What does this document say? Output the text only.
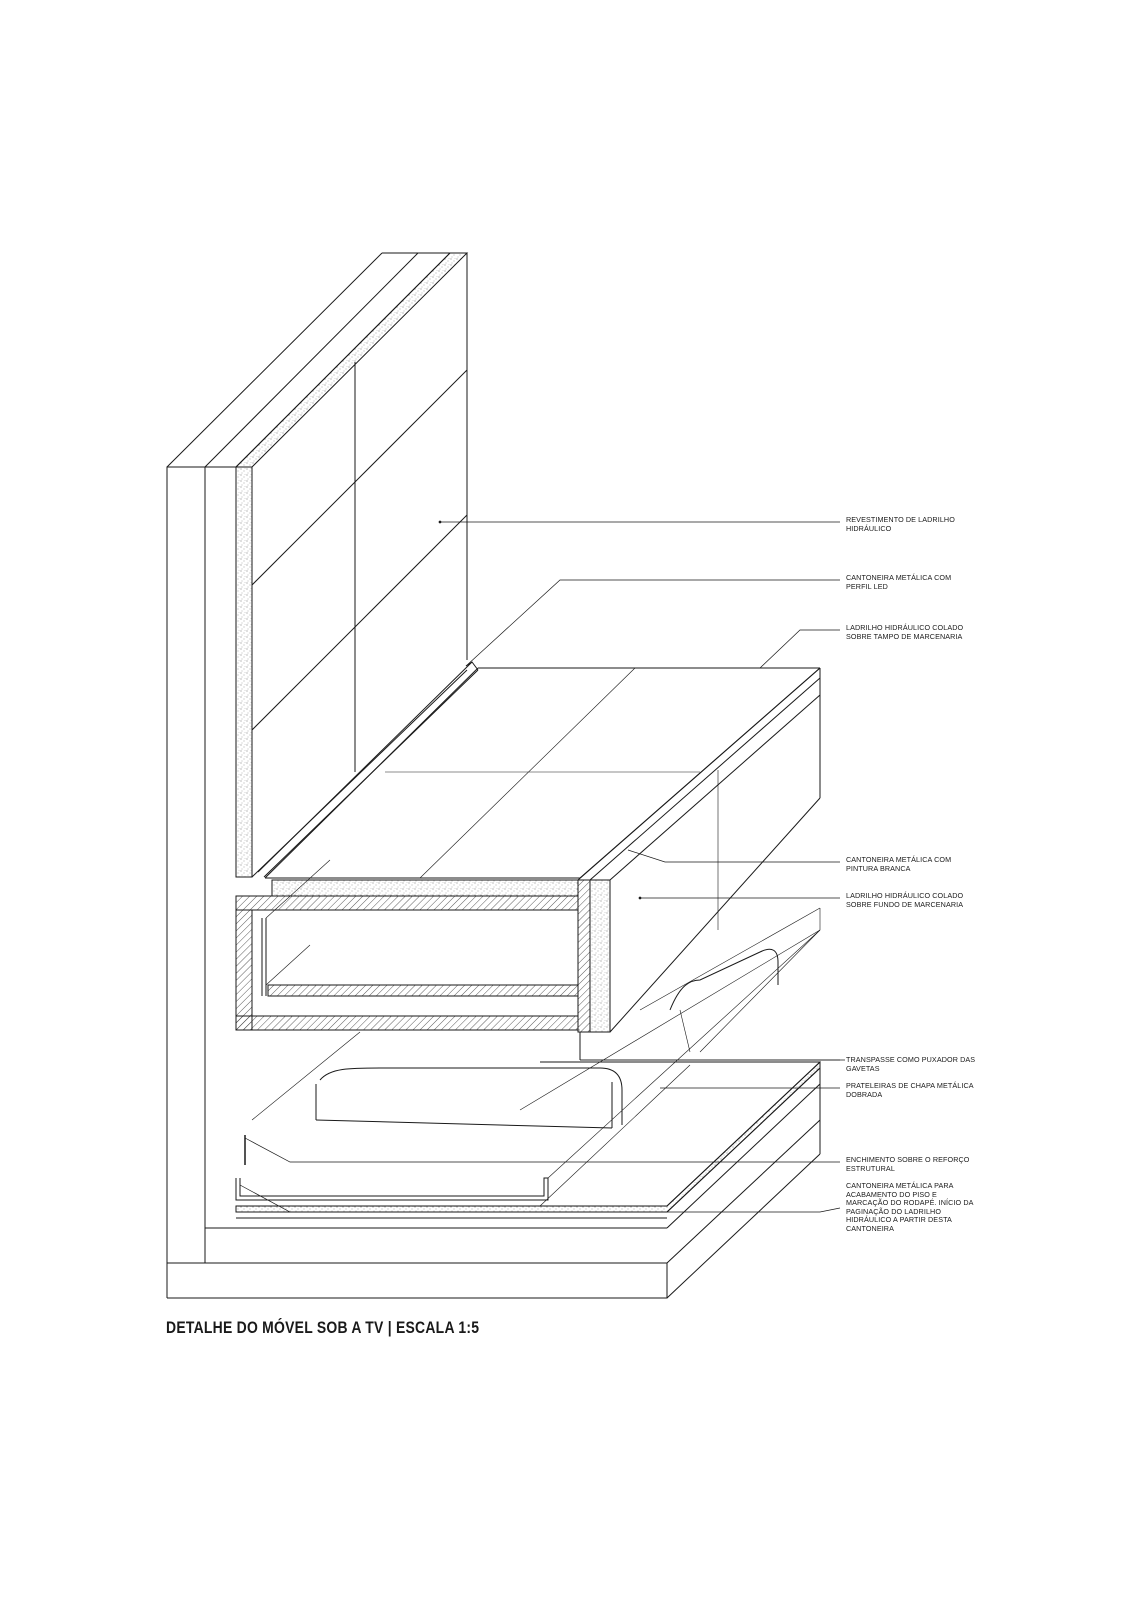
REVESTIMENTO DE LADRILHO
HIDRÁULICO
CANTONEIRA METÁLICA COM
PERFIL LED
LADRILHO HIDRÁULICO COLADO
SOBRE TAMPO DE MARCENARIA
CANTONEIRA METÁLICA COM
PINTURA BRANCA
LADRILHO HIDRÁULICO COLADO
SOBRE FUNDO DE MARCENARIA
TRANSPASSE COMO PUXADOR DAS
GAVETAS
PRATELEIRAS DE CHAPA METÁLICA
DOBRADA
ENCHIMENTO SOBRE O REFORÇO
ESTRUTURAL
CANTONEIRA METÁLICA PARA
ACABAMENTO DO PISO E
MARCAÇÃO DO RODAPÉ. INÍCIO DA
PAGINAÇÃO DO LADRILHO
HIDRÁULICO A PARTIR DESTA
CANTONEIRA
DETALHE DO MÓVEL SOB A TV | ESCALA 1:5
